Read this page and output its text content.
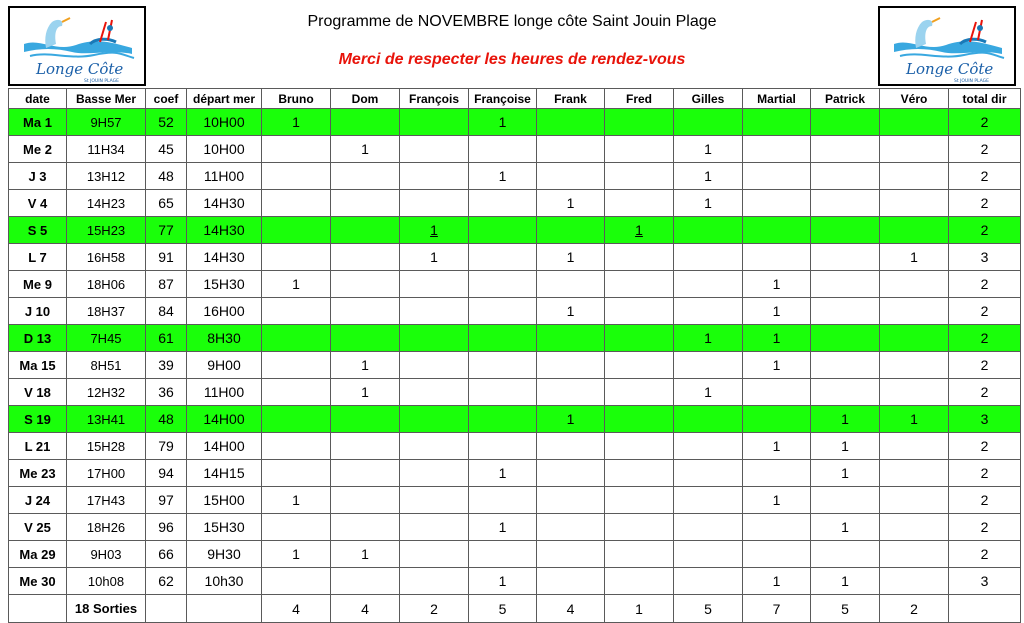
Longe Côte
St JOUIN PLAGE
Longe Côte
St JOUIN PLAGE
Programme de NOVEMBRE longe côte Saint Jouin Plage
Merci de respecter les heures de rendez-vous
date	Basse Mer	coef	départ mer	Bruno	Dom	François	Françoise	Frank	Fred	Gilles	Martial	Patrick	Véro	total dir
Ma 1	9H57	52	10H00	1			1							2
Me 2	11H34	45	10H00		1					1				2
J 3	13H12	48	11H00				1			1				2
V 4	14H23	65	14H30					1		1				2
S 5	15H23	77	14H30			1			1					2
L 7	16H58	91	14H30			1		1					1	3
Me 9	18H06	87	15H30	1							1			2
J 10	18H37	84	16H00					1			1			2
D 13	7H45	61	8H30							1	1			2
Ma 15	8H51	39	9H00		1						1			2
V 18	12H32	36	11H00		1					1				2
S 19	13H41	48	14H00					1				1	1	3
L 21	15H28	79	14H00								1	1		2
Me 23	17H00	94	14H15				1					1		2
J 24	17H43	97	15H00	1							1			2
V 25	18H26	96	15H30				1					1		2
Ma 29	9H03	66	9H30	1	1									2
Me 30	10h08	62	10h30				1				1	1		3
	18 Sorties			4	4	2	5	4	1	5	7	5	2	
